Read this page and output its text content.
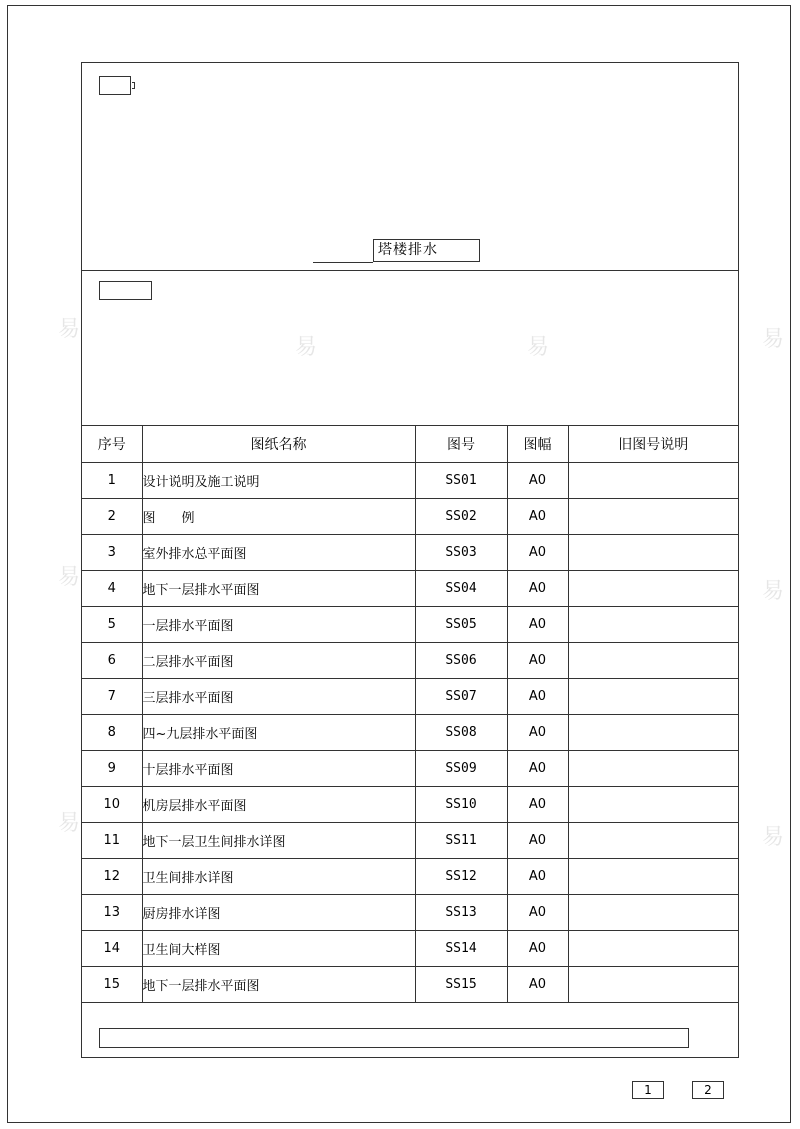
塔楼排水
序号	图纸名称	图号	图幅	旧图号说明
1	设计说明及施工说明	SS01	A0	
2	图　　例	SS02	A0	
3	室外排水总平面图	SS03	A0	
4	地下一层排水平面图	SS04	A0	
5	一层排水平面图	SS05	A0	
6	二层排水平面图	SS06	A0	
7	三层排水平面图	SS07	A0	
8	四~九层排水平面图	SS08	A0	
9	十层排水平面图	SS09	A0	
10	机房层排水平面图	SS10	A0	
11	地下一层卫生间排水详图	SS11	A0	
12	卫生间排水详图	SS12	A0	
13	厨房排水详图	SS13	A0	
14	卫生间大样图	SS14	A0	
15	地下一层排水平面图	SS15	A0	
1	2
易
易	易	易
易
易
易
易
